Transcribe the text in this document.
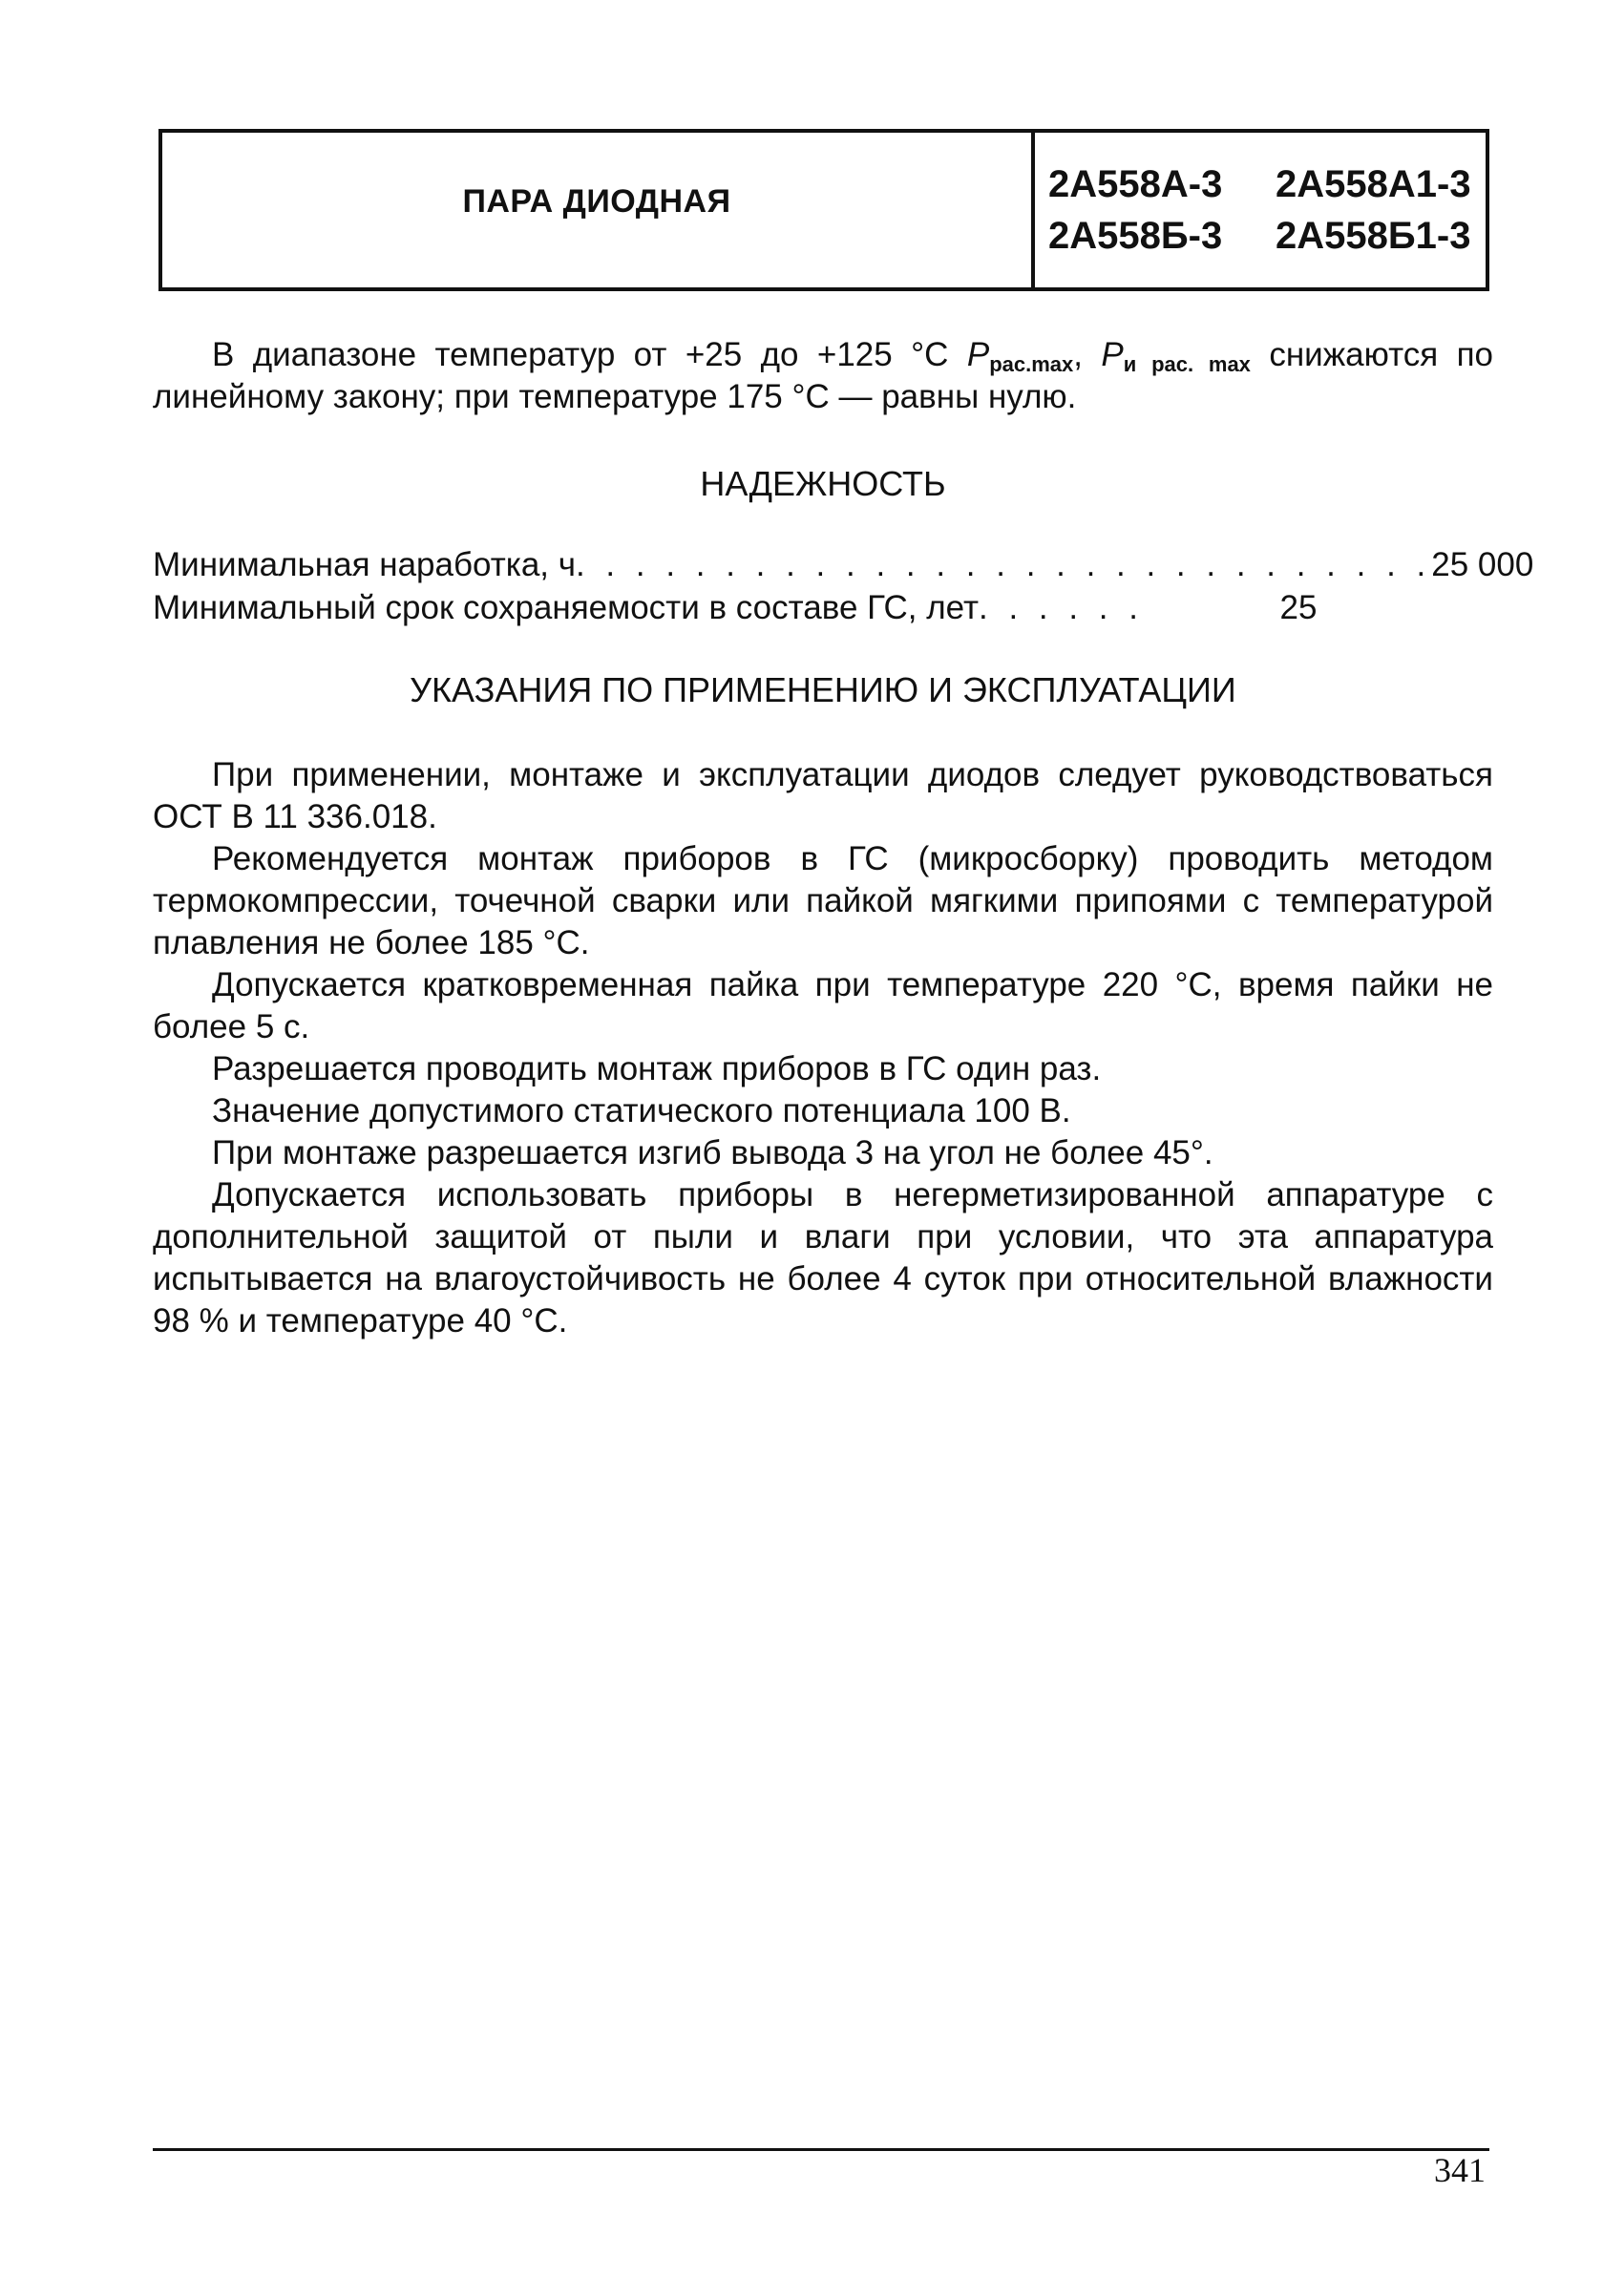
ПАРА ДИОДНАЯ	2А558А-3	2А558А1-3
2А558Б-3	2А558Б1-3

В диапазоне температур от +25 до +125 °С $P_{рас.max}$, $P_{и рас. max}$ снижаются по линейному закону; при температуре 175 °С — равны нулю.

НАДЕЖНОСТЬ
Минимальная наработка, ч . . . . . . . . . . . . . . . . . . . . . . . . . . . . . 25 000
Минимальный срок сохраняемости в составе ГС, лет . . . . . .	25
УКАЗАНИЯ ПО ПРИМЕНЕНИЮ И ЭКСПЛУАТАЦИИ

При применении, монтаже и эксплуатации диодов следует руководствоваться ОСТ В 11 336.018.

Рекомендуется монтаж приборов в ГС (микросборку) проводить методом термокомпрессии, точечной сварки или пайкой мягкими припоями с температурой плавления не более 185 °С.

Допускается кратковременная пайка при температуре 220 °С, время пайки не более 5 с.

Разрешается проводить монтаж приборов в ГС один раз.

Значение допустимого статического потенциала 100 В.

При монтаже разрешается изгиб вывода 3 на угол не более 45°.

Допускается использовать приборы в негерметизированной аппаратуре с дополнительной защитой от пыли и влаги при условии, что эта аппаратура испытывается на влагоустойчивость не более 4 суток при относительной влажности 98 % и температуре 40 °С.

341
